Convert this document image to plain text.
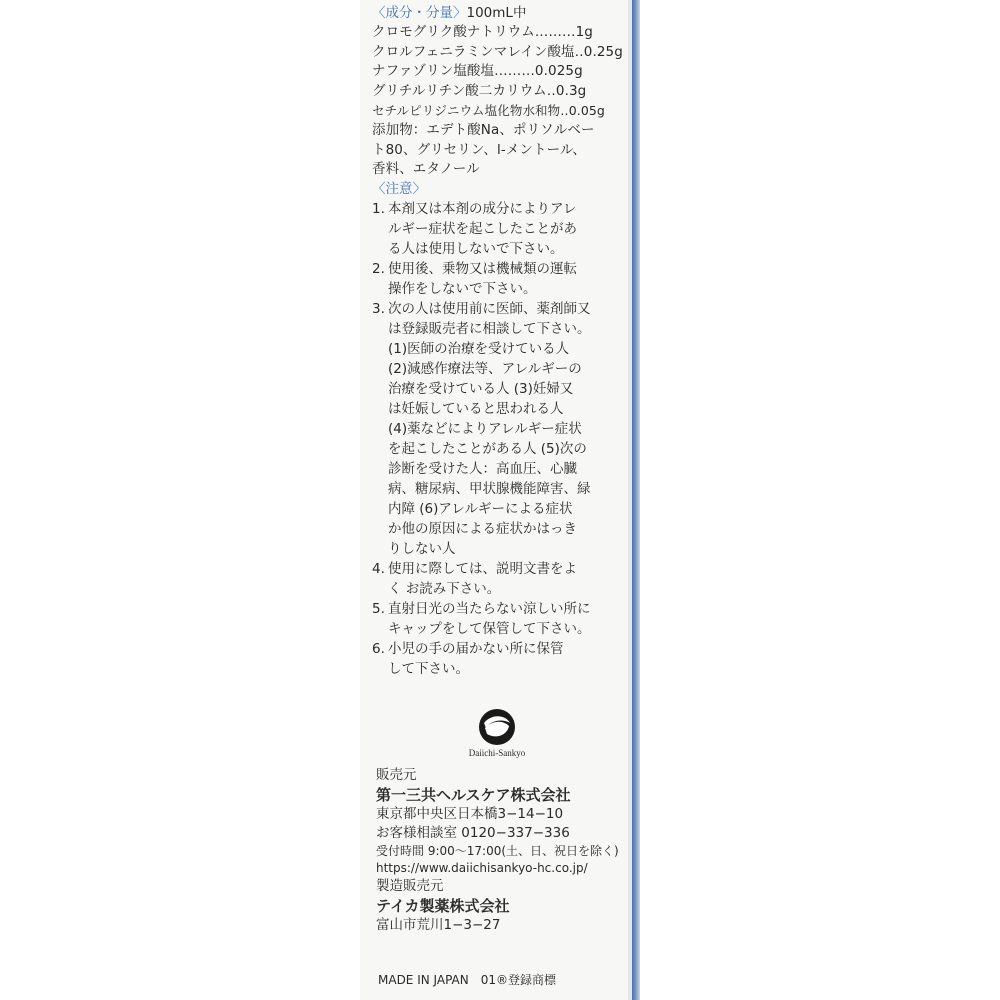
〈成分・分量〉100mL中
クロモグリク酸ナトリウム………1g
クロルフェニラミンマレイン酸塩‥0.25g
ナファゾリン塩酸塩………0.025g
グリチルリチン酸二カリウム‥0.3g
セチルピリジニウム塩化物水和物‥0.05g
添加物：エデト酸Na、ポリソルベー
ト80、グリセリン、l-メントール、
香料、エタノール
〈注意〉
1. 本剤又は本剤の成分によりアレ
ルギー症状を起こしたことがあ
る人は使用しないで下さい。
2. 使用後、乗物又は機械類の運転
操作をしないで下さい。
3. 次の人は使用前に医師、薬剤師又
は登録販売者に相談して下さい。
(1)医師の治療を受けている人
(2)減感作療法等、アレルギーの
治療を受けている人 (3)妊婦又
は妊娠していると思われる人
(4)薬などによりアレルギー症状
を起こしたことがある人 (5)次の
診断を受けた人：高血圧、心臓
病、糖尿病、甲状腺機能障害、緑
内障 (6)アレルギーによる症状
か他の原因による症状かはっき
りしない人
4. 使用に際しては、説明文書をよ
く お読み下さい。
5. 直射日光の当たらない涼しい所に
キャップをして保管して下さい。
6. 小児の手の届かない所に保管
して下さい。
Daiichi-Sankyo
販売元
第一三共ヘルスケア株式会社
東京都中央区日本橋3−14−10
お客様相談室 0120−337−336
受付時間 9:00〜17:00(土、日、祝日を除く)
https://www.daiichisankyo-hc.co.jp/
製造販売元
テイカ製薬株式会社
富山市荒川1−3−27
MADE IN JAPAN　01®登録商標
